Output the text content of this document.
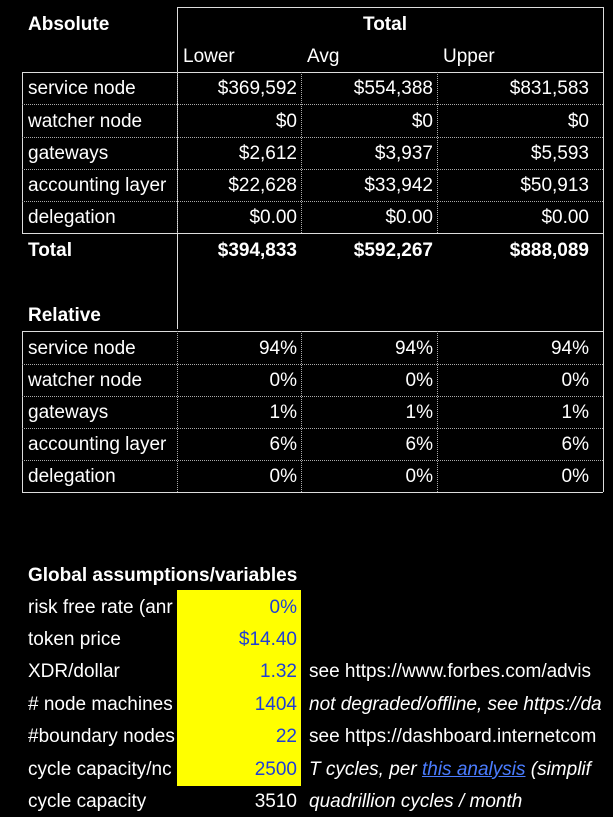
Absolute	Total
Lower	Avg	Upper
service node	$369,592	$554,388	$831,583
watcher node	$0	$0	$0
gateways	$2,612	$3,937	$5,593
accounting layer	$22,628	$33,942	$50,913
delegation	$0.00	$0.00	$0.00
Total	$394,833	$592,267	$888,089
Relative
service node	94%	94%	94%
watcher node	0%	0%	0%
gateways	1%	1%	1%
accounting layer	6%	6%	6%
delegation	0%	0%	0%
Global assumptions/variables
risk free rate (anr	0%
token price	$14.40
XDR/dollar	1.32 see https://www.forbes.com/advis
# node machines	1404 not degraded/offline, see https://da
#boundary nodes	22 see https://dashboard.internetcom
cycle capacity/nc	2500 T cycles, per this analysis (simplif
cycle capacity	3510 quadrillion cycles / month
